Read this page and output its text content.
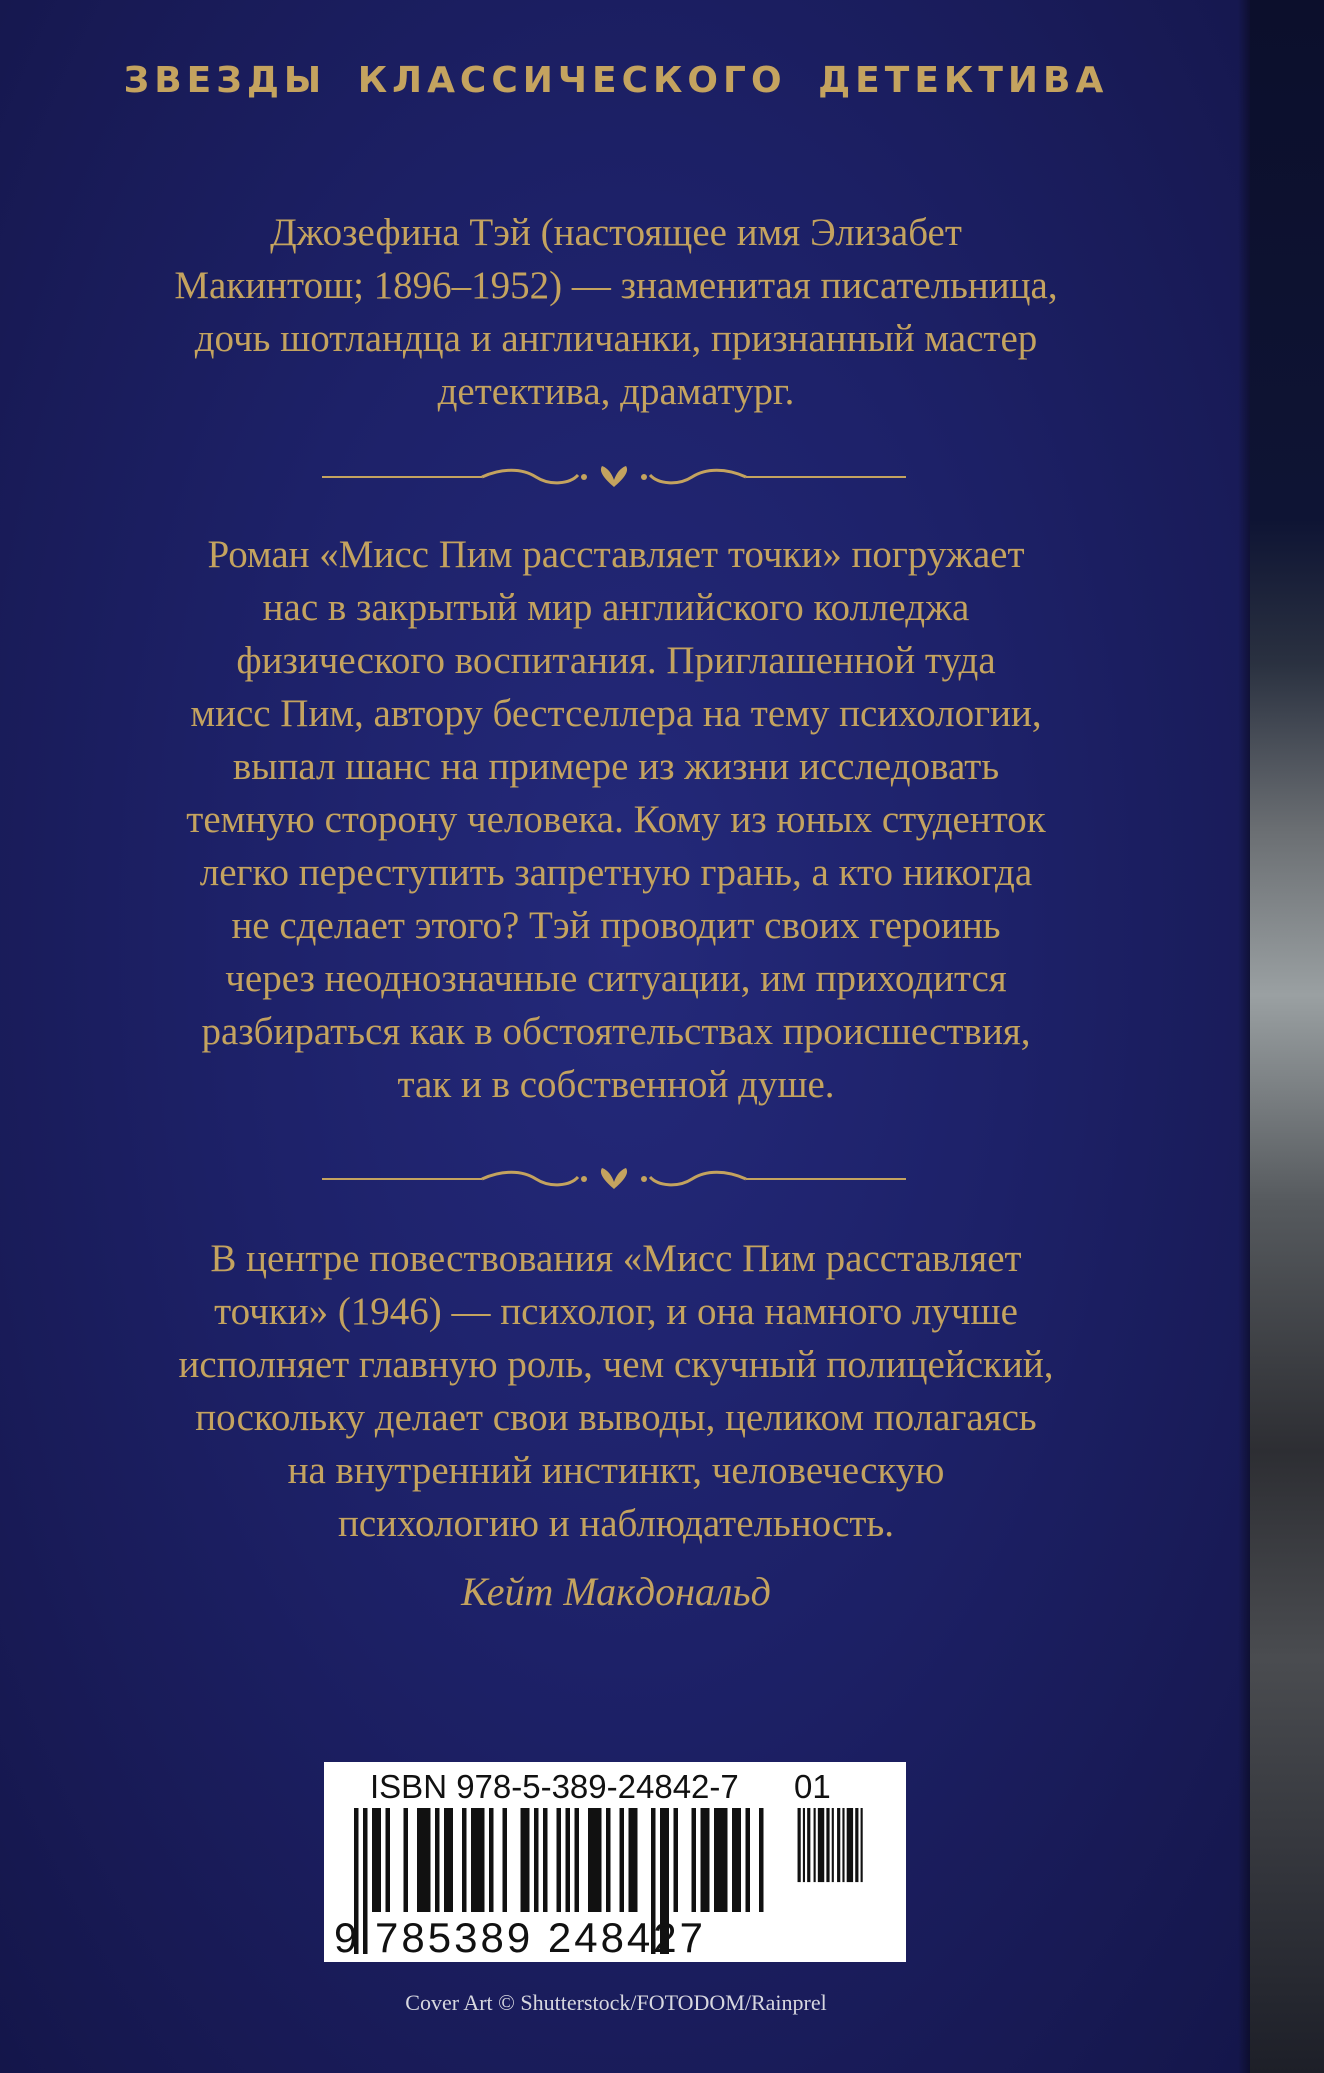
ЗВЕЗДЫ КЛАССИЧЕСКОГО ДЕТЕКТИВА
Джозефина Тэй (настоящее имя Элизабет
Макинтош; 1896–1952) — знаменитая писательница,
дочь шотландца и англичанки, признанный мастер
детектива, драматург.
Роман «Мисс Пим расставляет точки» погружает
нас в закрытый мир английского колледжа
физического воспитания. Приглашенной туда
мисс Пим, автору бестселлера на тему психологии,
выпал шанс на примере из жизни исследовать
темную сторону человека. Кому из юных студенток
легко переступить запретную грань, а кто никогда
не сделает этого? Тэй проводит своих героинь
через неоднозначные ситуации, им приходится
разбираться как в обстоятельствах происшествия,
так и в собственной душе.
В центре повествования «Мисс Пим расставляет
точки» (1946) — психолог, и она намного лучше
исполняет главную роль, чем скучный полицейский,
поскольку делает свои выводы, целиком полагаясь
на внутренний инстинкт, человеческую
психологию и наблюдательность.
Кейт Макдональд
ISBN 978-5-389-24842-7 01
9 785389 248427
Cover Art © Shutterstock/FOTODOM/Rainprel
